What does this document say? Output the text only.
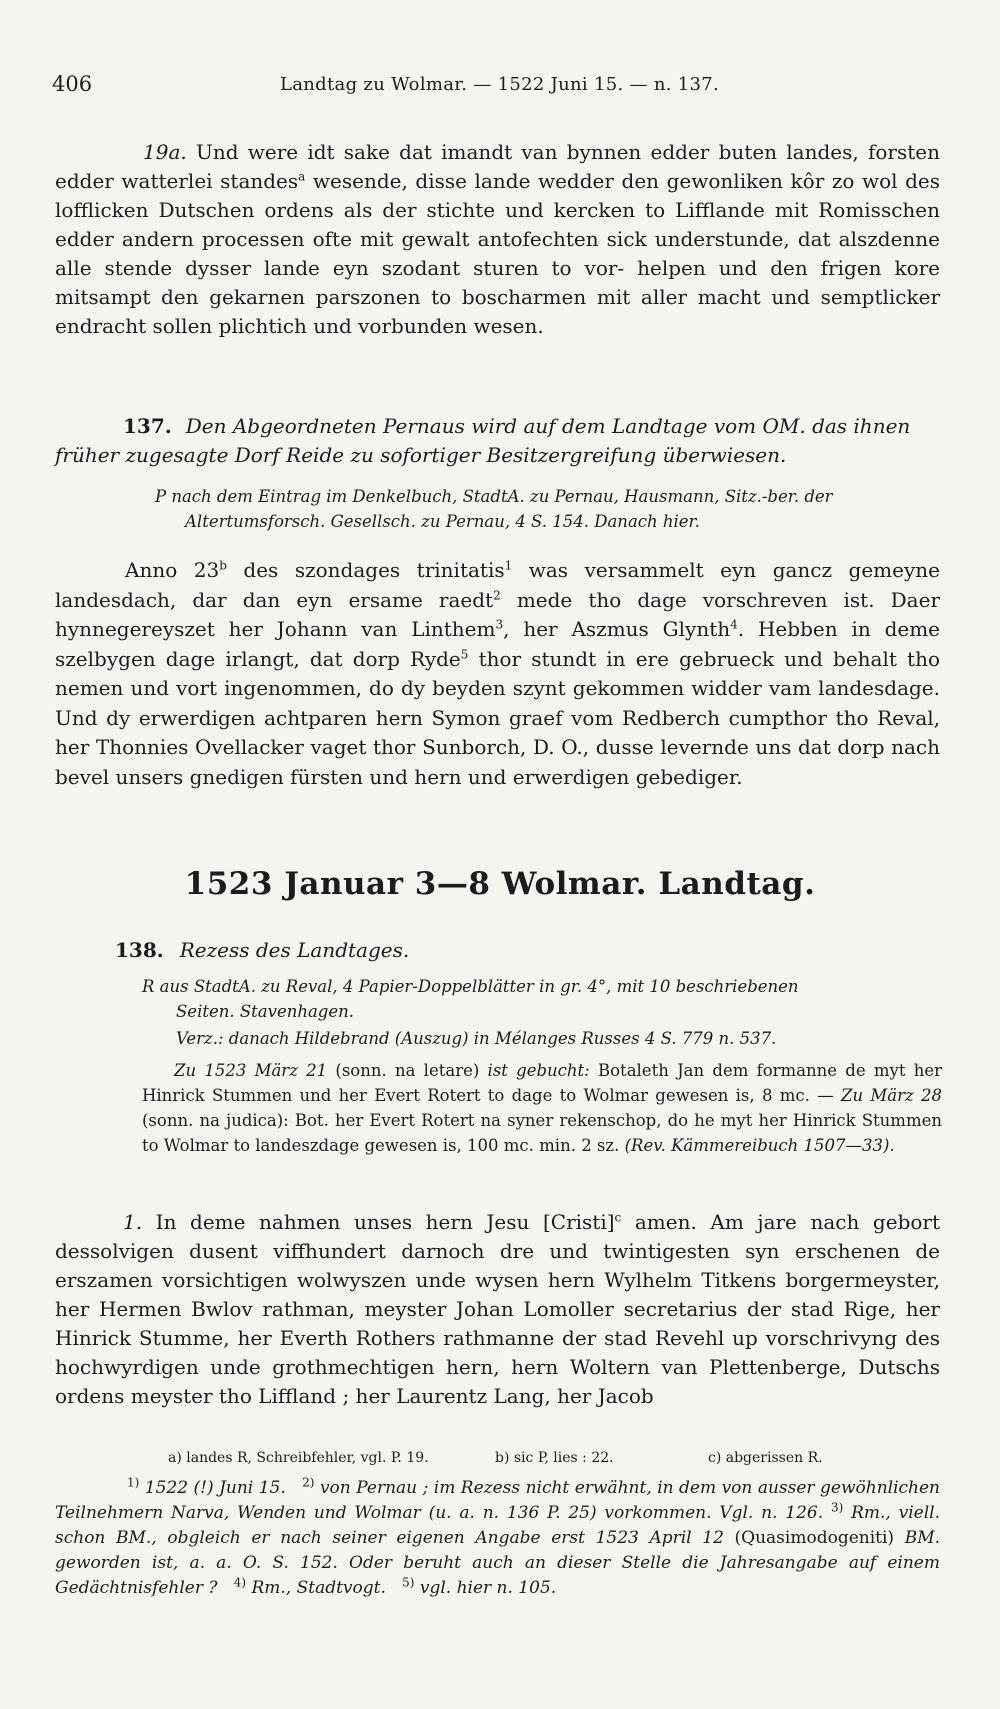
406	Landtag zu Wolmar. — 1522 Juni 15. — n. 137.
19a. Und were idt sake dat imandt van bynnen edder buten landes, forsten edder watterlei standes$^a$ wesende, disse lande wedder den gewonliken kôr zo wol des lofflicken Dutschen ordens als der stichte und kercken to Lifflande mit Romisschen edder andern processen ofte mit gewalt antofechten sick understunde, dat alszdenne alle stende dysser lande eyn szodant sturen to vor- helpen und den frigen kore mitsampt den gekarnen parszonen to boscharmen mit aller macht und semptlicker endracht sollen plichtich und vorbunden wesen.
137. Den Abgeordneten Pernaus wird auf dem Landtage vom OM. das ihnen früher zugesagte Dorf Reide zu sofortiger Besitzergreifung überwiesen.
P nach dem Eintrag im Denkelbuch, StadtA. zu Pernau, Hausmann, Sitz.-ber. der
Altertumsforsch. Gesellsch. zu Pernau, 4 S. 154. Danach hier.
Anno 23$^b$ des szondages trinitatis$^1$ was versammelt eyn gancz gemeyne landesdach, dar dan eyn ersame raedt$^2$ mede tho dage vorschreven ist. Daer hynnegereyszet her Johann van Linthem$^3$, her Aszmus Glynth$^4$. Hebben in deme szelbygen dage irlangt, dat dorp Ryde$^5$ thor stundt in ere gebrueck und behalt tho nemen und vort ingenommen, do dy beyden szynt gekommen widder vam landesdage. Und dy erwerdigen achtparen hern Symon graef vom Redberch cumpthor tho Reval, her Thonnies Ovellacker vaget thor Sunborch, D. O., dusse levernde uns dat dorp nach bevel unsers gnedigen fürsten und hern und erwerdigen gebediger.
1523 Januar 3—8 Wolmar. Landtag.
138. Rezess des Landtages.
R aus StadtA. zu Reval, 4 Papier-Doppelblätter in gr. 4°, mit 10 beschriebenen
Seiten. Stavenhagen.
Verz.: danach Hildebrand (Auszug) in Mélanges Russes 4 S. 779 n. 537.
Zu 1523 März 21 (sonn. na letare) ist gebucht: Botaleth Jan dem formanne de myt her Hinrick Stummen und her Evert Rotert to dage to Wolmar gewesen is, 8 mc. — Zu März 28 (sonn. na judica): Bot. her Evert Rotert na syner rekenschop, do he myt her Hinrick Stummen to Wolmar to landeszdage gewesen is, 100 mc. min. 2 sz. (Rev. Kämmereibuch 1507—33).
1. In deme nahmen unses hern Jesu [Cristi]$^c$ amen. Am jare nach gebort dessolvigen dusent viffhundert darnoch dre und twintigesten syn erschenen de erszamen vorsichtigen wolwyszen unde wysen hern Wylhelm Titkens borgermeyster, her Hermen Bwlov rathman, meyster Johan Lomoller secretarius der stad Rige, her Hinrick Stumme, her Everth Rothers rathmanne der stad Revehl up vorschrivyng des hochwyrdigen unde grothmechtigen hern, hern Woltern van Plettenberge, Dutschs ordens meyster tho Liffland ; her Laurentz Lang, her Jacob
a) landes R, Schreibfehler, vgl. P. 19.	b) sic P, lies : 22.	c) abgerissen R.
$^{1)}$ 1522 (!) Juni 15. $^{2)}$ von Pernau ; im Rezess nicht erwähnt, in dem von ausser gewöhnlichen Teilnehmern Narva, Wenden und Wolmar (u. a. n. 136 P. 25) vorkommen. Vgl. n. 126. $^{3)}$ Rm., viell. schon BM., obgleich er nach seiner eigenen Angabe erst 1523 April 12 (Quasimodogeniti) BM. geworden ist, a. a. O. S. 152. Oder beruht auch an dieser Stelle die Jahresangabe auf einem Gedächtnisfehler ? $^{4)}$ Rm., Stadtvogt. $^{5)}$ vgl. hier n. 105.
